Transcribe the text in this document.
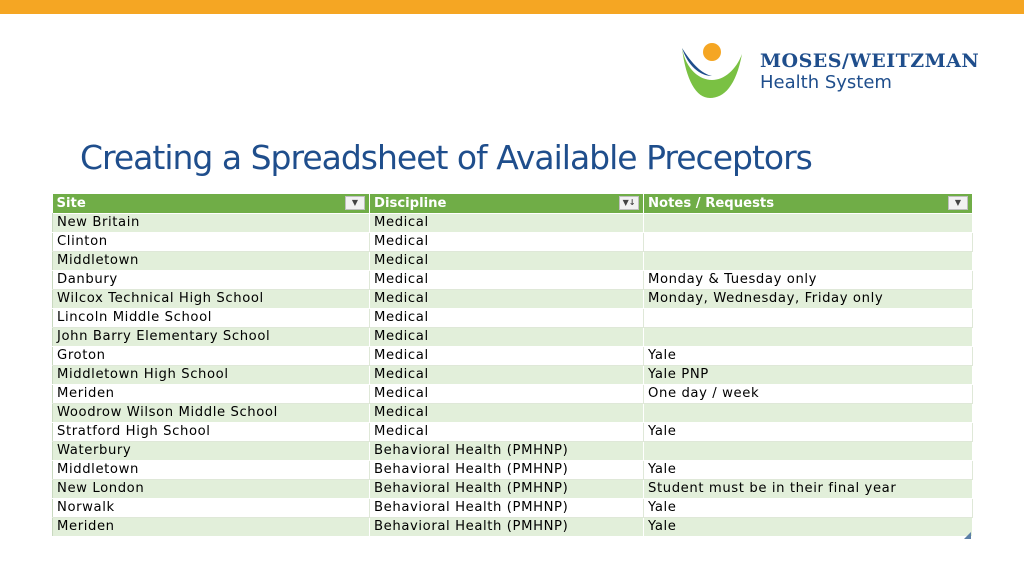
MOSES/WEITZMAN
Health System
Creating a Spreadsheet of Available Preceptors
Site ▼	Discipline ▼↓	Notes / Requests ▼

New Britain	Medical	
Clinton	Medical	
Middletown	Medical	
Danbury	Medical	Monday & Tuesday only
Wilcox Technical High School	Medical	Monday, Wednesday, Friday only
Lincoln Middle School	Medical	
John Barry Elementary School	Medical	
Groton	Medical	Yale
Middletown High School	Medical	Yale PNP
Meriden	Medical	One day / week
Woodrow Wilson Middle School	Medical	
Stratford High School	Medical	Yale
Waterbury	Behavioral Health (PMHNP)	
Middletown	Behavioral Health (PMHNP)	Yale
New London	Behavioral Health (PMHNP)	Student must be in their final year
Norwalk	Behavioral Health (PMHNP)	Yale
Meriden	Behavioral Health (PMHNP)	Yale
